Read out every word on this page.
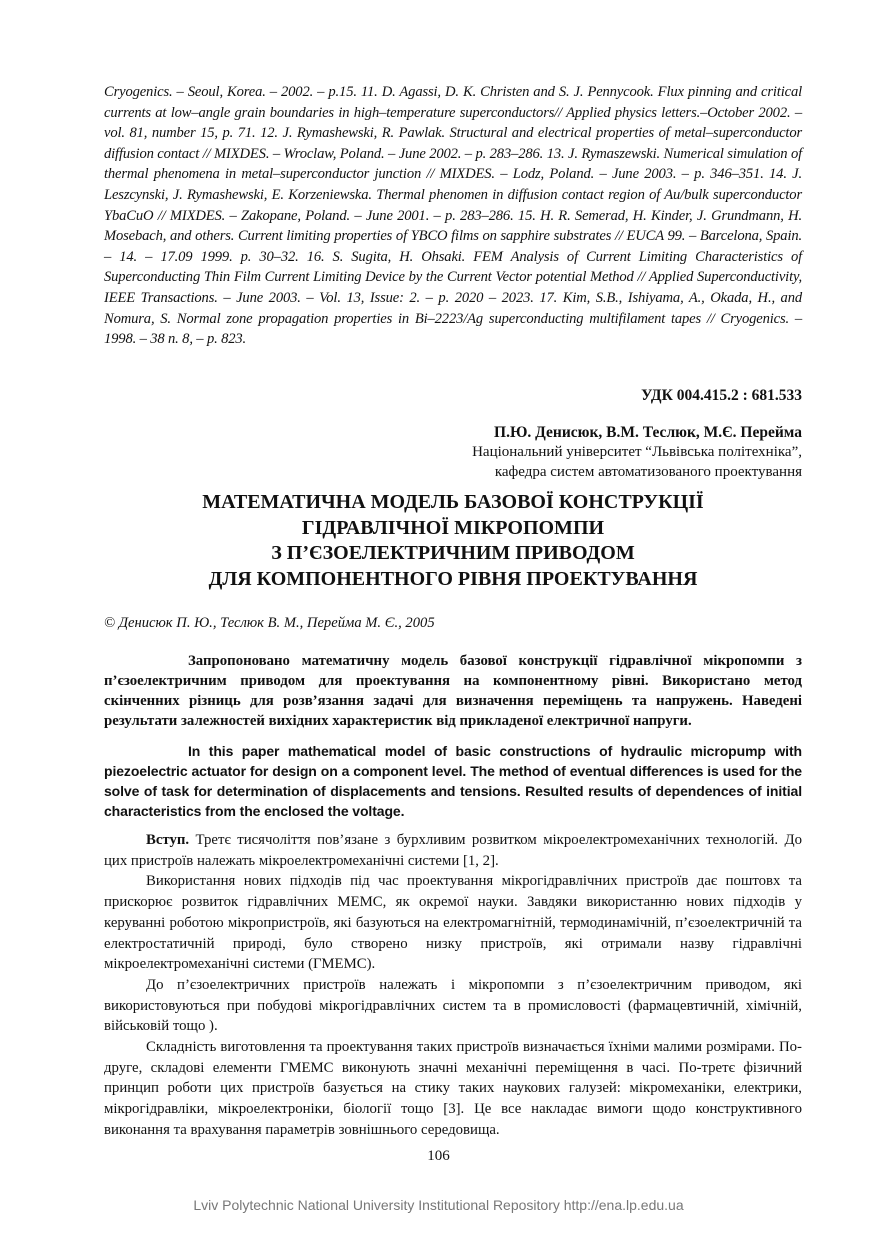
Cryogenics. – Seoul, Korea. – 2002. – p.15. 11. D. Agassi, D. K. Christen and S. J. Pennycook. Flux pinning and critical currents at low–angle grain boundaries in high–temperature superconductors// Applied physics letters.–October 2002. – vol. 81, number 15, p. 71. 12. J. Rymashewski, R. Pawlak. Structural and electrical properties of metal–superconductor diffusion contact // MIXDES. – Wroclaw, Poland. – June 2002. – p. 283–286. 13. J. Rymaszewski. Numerical simulation of thermal phenomena in metal–superconductor junction // MIXDES. – Lodz, Poland. – June 2003. – p. 346–351. 14. J. Leszcynski, J. Rymashewski, E. Korzeniewska. Thermal phenomen in diffusion contact region of Au/bulk superconductor YbaCuO // MIXDES. – Zakopane, Poland. – June 2001. – p. 283–286. 15. H. R. Semerad, H. Kinder, J. Grundmann, H. Mosebach, and others. Current limiting properties of YBCO films on sapphire substrates // EUCA 99. – Barcelona, Spain. – 14. – 17.09 1999. p. 30–32. 16. S. Sugita, H. Ohsaki. FEM Analysis of Current Limiting Characteristics of Superconducting Thin Film Current Limiting Device by the Current Vector potential Method // Applied Superconductivity, IEEE Transactions. – June 2003. – Vol. 13, Issue: 2. – p. 2020 – 2023. 17. Kim, S.B., Ishiyama, A., Okada, H., and Nomura, S. Normal zone propagation properties in Bi–2223/Ag superconducting multifilament tapes // Cryogenics. – 1998. – 38 n. 8, – p. 823.

УДК 004.415.2 : 681.533
П.Ю. Денисюк, В.М. Теслюк, М.Є. Перейма
Національний університет “Львівська політехніка”,
кафедра систем автоматизованого проектування
МАТЕМАТИЧНА МОДЕЛЬ БАЗОВОЇ КОНСТРУКЦІЇ
ГІДРАВЛІЧНОЇ МІКРОПОМПИ
З П’ЄЗОЕЛЕКТРИЧНИМ ПРИВОДОМ
ДЛЯ КОМПОНЕНТНОГО РІВНЯ ПРОЕКТУВАННЯ
© Денисюк П. Ю., Теслюк В. М., Перейма М. Є., 2005

Запропоновано математичну модель базової конструкції гідравлічної мікропомпи з п’єзоелектричним приводом для проектування на компонентному рівні. Використано метод скінченних різниць для розв’язання задачі для визначення переміщень та напружень. Наведені результати залежностей вихідних характеристик від прикладеної електричної напруги.

In this paper mathematical model of basic constructions of hydraulic micropump with piezoelectric actuator for design on a component level. The method of eventual differences is used for the solve of task for determination of displacements and tensions. Resulted results of dependences of initial characteristics from the enclosed the voltage.

Вступ. Третє тисячоліття пов’язане з бурхливим розвитком мікроелектромеханічних технологій. До цих пристроїв належать мікроелектромеханічні системи [1, 2].

Використання нових підходів під час проектування мікрогідравлічних пристроїв дає поштовх та прискорює розвиток гідравлічних МЕМС, як окремої науки. Завдяки використанню нових підходів у керуванні роботою мікропристроїв, які базуються на електромагнітній, термодинамічній, п’єзоелектричній та електростатичній природі, було створено низку пристроїв, які отримали назву гідравлічні мікроелектромеханічні системи (ГМЕМС).

До п’єзоелектричних пристроїв належать і мікропомпи з п’єзоелектричним приводом, які використовуються при побудові мікрогідравлічних систем та в промисловості (фармацевтичній, хімічній, військовій тощо ).

Складність виготовлення та проектування таких пристроїв визначається їхніми малими розмірами. По-друге, складові елементи ГМЕМС виконують значні механічні переміщення в часі. По-третє фізичний принцип роботи цих пристроїв базується на стику таких наукових галузей: мікромеханіки, електрики, мікрогідравліки, мікроелектроніки, біології тощо [3]. Це все накладає вимоги щодо конструктивного виконання та врахування параметрів зовнішнього середовища.

106
Lviv Polytechnic National University Institutional Repository http://ena.lp.edu.ua
